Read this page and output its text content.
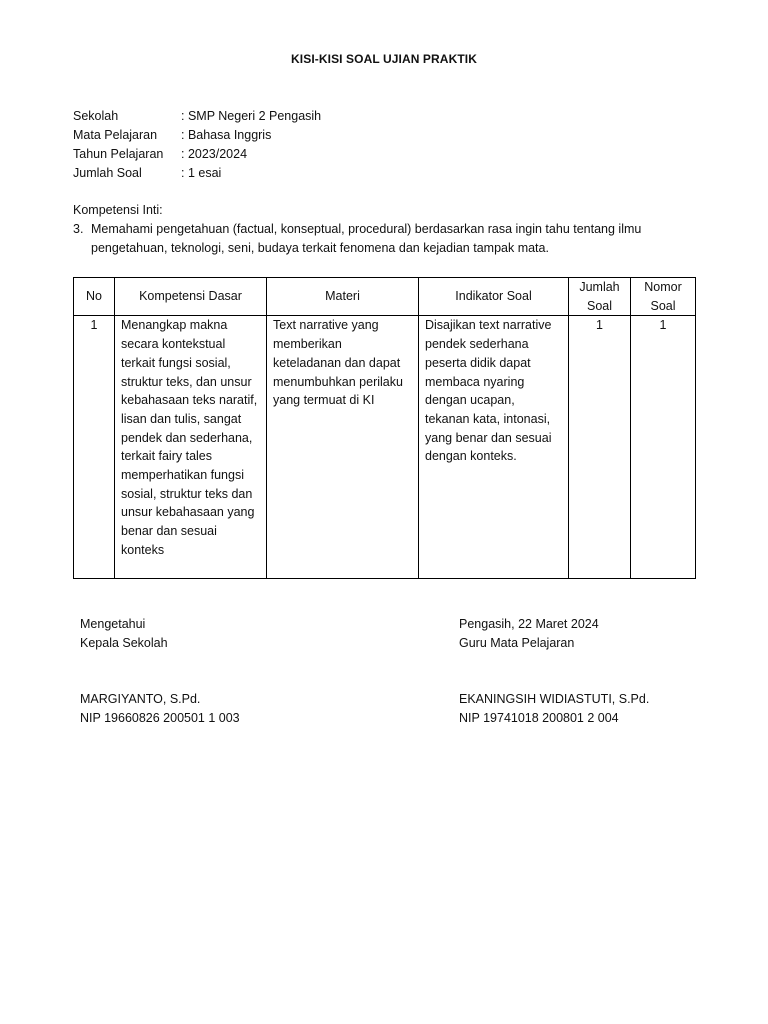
KISI-KISI SOAL UJIAN PRAKTIK
Sekolah	: SMP Negeri 2 Pengasih
Mata Pelajaran	: Bahasa Inggris
Tahun Pelajaran	: 2023/2024
Jumlah Soal	: 1 esai
Kompetensi Inti:
3. Memahami pengetahuan (factual, konseptual, procedural) berdasarkan rasa ingin tahu tentang ilmu pengetahuan, teknologi, seni, budaya terkait fenomena dan kejadian tampak mata.
No	Kompetensi Dasar	Materi	Indikator Soal	Jumlah Soal	Nomor Soal
1	Menangkap makna secara kontekstual terkait fungsi sosial, struktur teks, dan unsur kebahasaan teks naratif, lisan dan tulis, sangat pendek dan sederhana, terkait fairy tales memperhatikan fungsi sosial, struktur teks dan unsur kebahasaan yang benar dan sesuai konteks	Text narrative yang memberikan keteladanan dan dapat menumbuhkan perilaku yang termuat di KI	Disajikan text narrative pendek sederhana peserta didik dapat membaca nyaring dengan ucapan, tekanan kata, intonasi, yang benar dan sesuai dengan konteks.	1	1
Mengetahui
Kepala Sekolah
MARGIYANTO, S.Pd.
NIP 19660826 200501 1 003
Pengasih, 22 Maret 2024
Guru Mata Pelajaran
EKANINGSIH WIDIASTUTI, S.Pd.
NIP 19741018 200801 2 004
